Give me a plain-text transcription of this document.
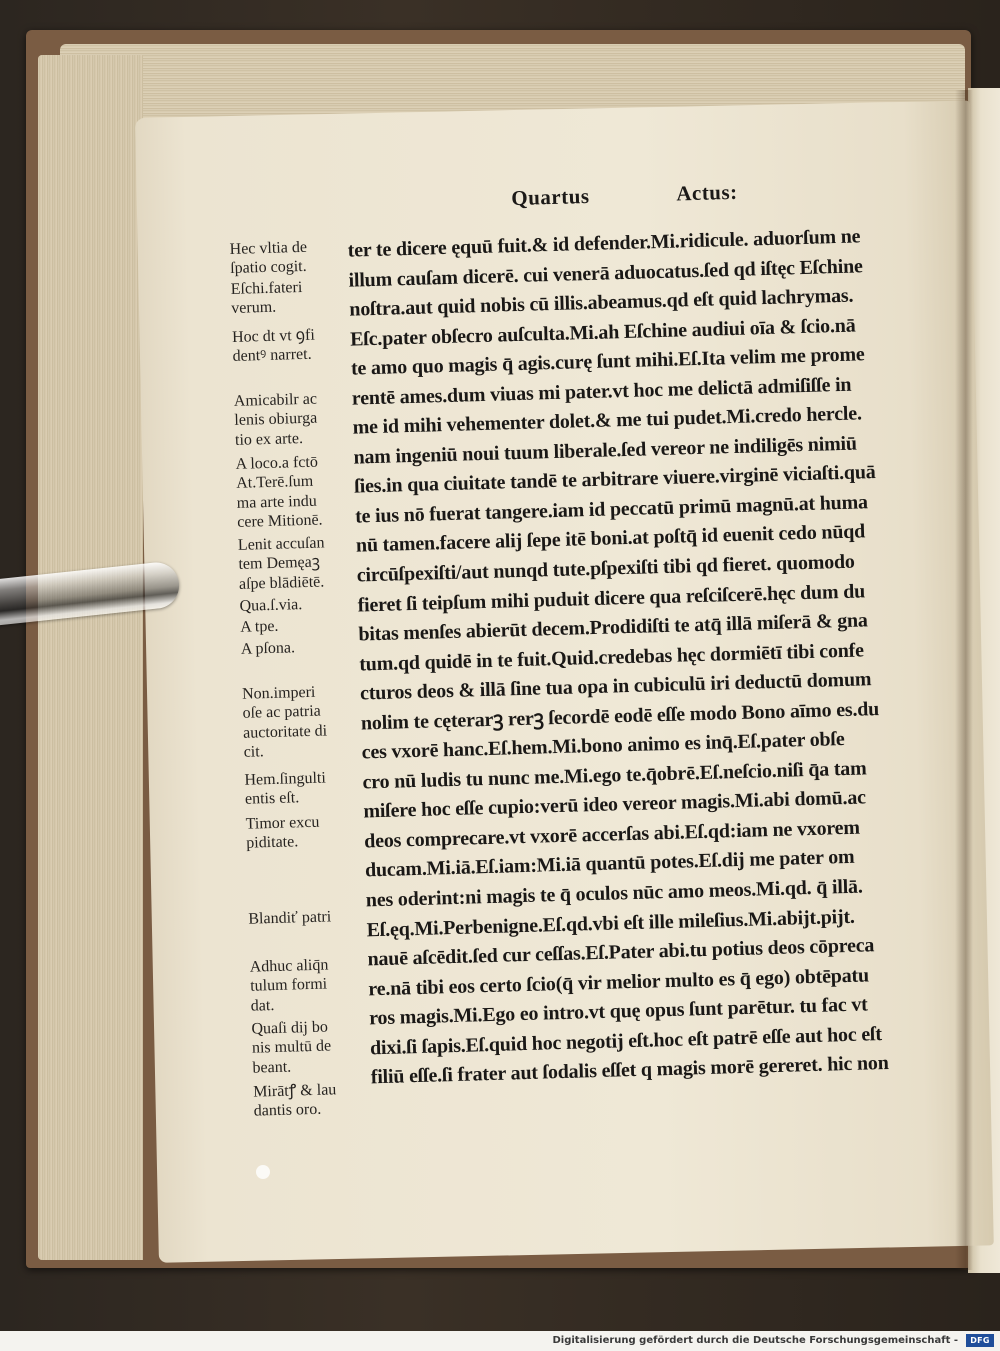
Quartus	Actus:
Hec vltia de
ſpatio cogit.
Eſchi.fateri
verum.
Hoc dt vt ꝯfi
dentꝰ narret.
Amicabilr ac
lenis obiurga
tio ex arte.
A loco.a fctō
At.Terē.ſum
ma arte indu
cere Mitionē.
Lenit accuſan
tem Demęaꝫ
aſpe blādiētē.
Qua.ſ.via.
A tpe.
A pſona.
Non.imperi
oſe ac patria
auctoritate di
cit.
Hem.ſingulti
entis eſt.
Timor excu
piditate.
Blandiť patri
Adhuc aliq̄n
tulum formi
dat.
Quaſi dij bo
nis multū de
beant.
Mirātꝭ & lau
dantis oro.
ter te dicere ęquū fuit.& id defender.Mi.ridicule. aduorſum ne
illum cauſam dicerē. cui venerā aduocatus.ſed qd iſtęc Eſchine
noſtra.aut quid nobis cū illis.abeamus.qd eſt quid lachrymas.
Eſc.pater obſecro auſculta.Mi.ah Eſchine audiui oīa & ſcio.nā
te amo quo magis q̄ agis.curę ſunt mihi.Eſ.Ita velim me prome
rentē ames.dum viuas mi pater.vt hoc me delictā admiſiſſe in
me id mihi vehementer dolet.& me tui pudet.Mi.credo hercle.
nam ingeniū noui tuum liberale.ſed vereor ne indiligēs nimiū
ſies.in qua ciuitate tandē te arbitrare viuere.virginē viciaſti.quā
te ius nō fuerat tangere.iam id peccatū primū magnū.at huma
nū tamen.facere alij ſepe itē boni.at poſtq̄ id euenit cedo nūqd
circūſpexiſti/aut nunqd tute.pſpexiſti tibi qd fieret. quomodo
fieret ſi teipſum mihi puduit dicere qua reſciſcerē.hęc dum du
bitas menſes abierūt decem.Prodidiſti te atq̄ illā miſerā & gna
tum.qd quidē in te fuit.Quid.credebas hęc dormiētī tibi confe
cturos deos & illā ſine tua opa in cubiculū iri deductū domum
nolim te cęterarꝫ rerꝫ ſecordē eodē eſſe modo Bono aīmo es.du
ces vxorē hanc.Eſ.hem.Mi.bono animo es inq̄.Eſ.pater obſe
cro nū ludis tu nunc me.Mi.ego te.q̄obrē.Eſ.neſcio.niſi q̄a tam
miſere hoc eſſe cupio:verū ideo vereor magis.Mi.abi domū.ac
deos comprecare.vt vxorē accerſas abi.Eſ.qd:iam ne vxorem
ducam.Mi.iā.Eſ.iam:Mi.iā quantū potes.Eſ.dij me pater om
nes oderint:ni magis te q̄ oculos nūc amo meos.Mi.qd. q̄ illā.
Eſ.ęq.Mi.Perbenigne.Eſ.qd.vbi eſt ille mileſius.Mi.abijt.pijt.
nauē aſcēdit.ſed cur ceſſas.Eſ.Pater abi.tu potius deos cōpreca
re.nā tibi eos certo ſcio(q̄ vir melior multo es q̄ ego) obtēpatu
ros magis.Mi.Ego eo intro.vt quę opus ſunt parētur. tu fac vt
dixi.ſi ſapis.Eſ.quid hoc negotij eſt.hoc eſt patrē eſſe aut hoc eſt
filiū eſſe.ſi frater aut ſodalis eſſet q magis morē gereret. hic non
Digitalisierung gefördert durch die Deutsche Forschungsgemeinschaft -	DFG
